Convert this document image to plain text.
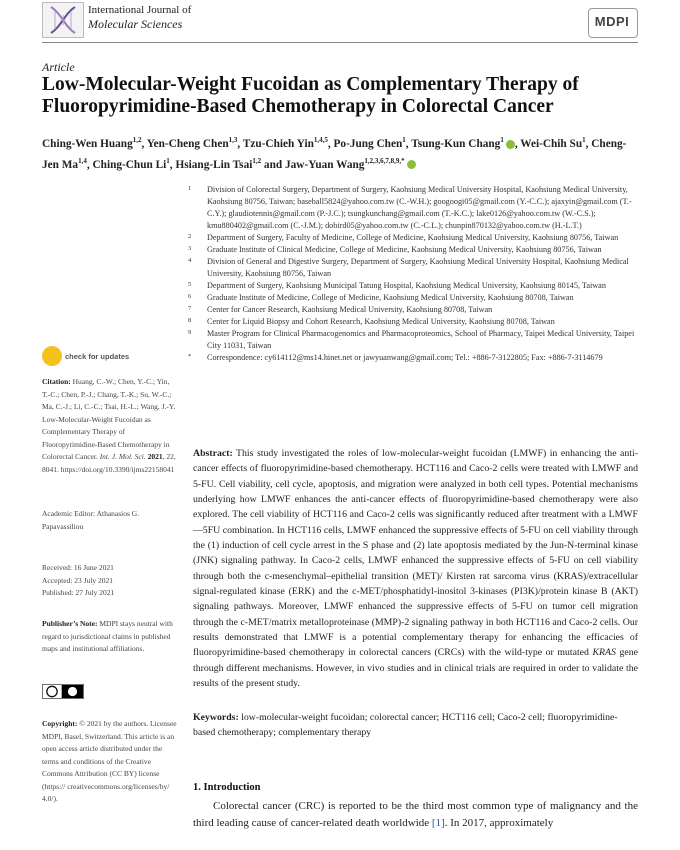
International Journal of
Molecular Sciences	MDPI
Article
Low-Molecular-Weight Fucoidan as Complementary Therapy of Fluoropyrimidine-Based Chemotherapy in Colorectal Cancer
Ching-Wen Huang$^{1,2}$, Yen-Cheng Chen$^{1,3}$, Tzu-Chieh Yin$^{1,4,5}$, Po-Jung Chen$^1$, Tsung-Kun Chang$^1$ , Wei-Chih Su$^1$, Cheng-Jen Ma$^{1,4}$, Ching-Chun Li$^1$, Hsiang-Lin Tsai$^{1,2}$ and Jaw-Yuan Wang$^{1,2,3,6,7,8,9,*}$
1 Division of Colorectal Surgery, Department of Surgery, Kaohsiung Medical University Hospital, Kaohsiung Medical University, Kaohsiung 80756, Taiwan; baseball5824@yahoo.com.tw (C.-W.H.); googoogi05@gmail.com (Y.-C.C.); ajaxyin@gmail.com (T.-C.Y.); glaudiotennis@gmail.com (P.-J.C.); tsungkunchang@gmail.com (T.-K.C.); lake0126@yahoo.com.tw (W.-C.S.); kmu880402@gmail.com (C.-J.M.); dobird05@yahoo.com.tw (C.-C.L.); chunpin870132@yahoo.com.tw (H.-L.T.)
2 Department of Surgery, Faculty of Medicine, College of Medicine, Kaohsiung Medical University, Kaohsiung 80756, Taiwan
3 Graduate Institute of Clinical Medicine, College of Medicine, Kaohsiung Medical University, Kaohsiung 80756, Taiwan
4 Division of General and Digestive Surgery, Department of Surgery, Kaohsiung Medical University Hospital, Kaohsiung Medical University, Kaohsiung 80756, Taiwan
5 Department of Surgery, Kaohsiung Municipal Tatung Hospital, Kaohsiung Medical University, Kaohsiung 80145, Taiwan
6 Graduate Institute of Medicine, College of Medicine, Kaohsiung Medical University, Kaohsiung 80708, Taiwan
7 Center for Cancer Research, Kaohsiung Medical University, Kaohsiung 80708, Taiwan
8 Center for Liquid Biopsy and Cohort Research, Kaohsiung Medical University, Kaohsiung 80708, Taiwan
9 Master Program for Clinical Pharmacogenomics and Pharmacoproteomics, School of Pharmacy, Taipei Medical University, Taipei City 11031, Taiwan
* Correspondence: cy614112@ms14.hinet.net or jawyuanwang@gmail.com; Tel.: +886-7-3122805; Fax: +886-7-3114679
check for updates
Citation: Huang, C.-W.; Chen, Y.-C.; Yin, T.-C.; Chen, P.-J.; Chang, T.-K.; Su, W.-C.; Ma, C.-J.; Li, C.-C.; Tsai, H.-L.; Wang, J.-Y. Low-Molecular-Weight Fucoidan as Complementary Therapy of Fluoropyrimidine-Based Chemotherapy in Colorectal Cancer. Int. J. Mol. Sci. 2021, 22, 8041. https://doi.org/10.3390/ijms22158041
Academic Editor: Athanasios G. Papavassiliou
Received: 16 June 2021
Accepted: 23 July 2021
Published: 27 July 2021
Publisher’s Note: MDPI stays neutral with regard to jurisdictional claims in published maps and institutional affiliations.
Copyright: © 2021 by the authors. Licensee MDPI, Basel, Switzerland. This article is an open access article distributed under the terms and conditions of the Creative Commons Attribution (CC BY) license (https:// creativecommons.org/licenses/by/ 4.0/).
Abstract: This study investigated the roles of low-molecular-weight fucoidan (LMWF) in enhancing the anti-cancer effects of fluoropyrimidine-based chemotherapy. HCT116 and Caco-2 cells were treated with LMWF and 5-FU. Cell viability, cell cycle, apoptosis, and migration were analyzed in both cell types. Potential mechanisms underlying how LMWF enhances the anti-cancer effects of fluoropyrimidine-based chemotherapy were also explored. The cell viability of HCT116 and Caco-2 cells was significantly reduced after treatment with a LMWF—5FU combination. In HCT116 cells, LMWF enhanced the suppressive effects of 5-FU on cell viability through the (1) induction of cell cycle arrest in the S phase and (2) late apoptosis mediated by the Jun-N-terminal kinase (JNK) signaling pathway. In Caco-2 cells, LMWF enhanced the suppressive effects of 5-FU on cell viability through both the c-mesenchymal–epithelial transition (MET)/ Kirsten rat sarcoma virus (KRAS)/extracellular signal-regulated kinase (ERK) and the c-MET/phosphatidyl-inositol 3-kinases (PI3K)/protein kinase B (AKT) signaling pathways. Moreover, LMWF enhanced the suppressive effects of 5-FU on tumor cell migration through the c-MET/matrix metalloproteinase (MMP)-2 signaling pathway in both HCT116 and Caco-2 cells. Our results demonstrated that LMWF is a potential complementary therapy for enhancing the efficacies of fluoropyrimidine-based chemotherapy in colorectal cancers (CRCs) with the wild-type or mutated KRAS gene through different mechanisms. However, in vivo studies and in clinical trials are required in order to validate the results of the present study.
Keywords: low-molecular-weight fucoidan; colorectal cancer; HCT116 cell; Caco-2 cell; fluoropyrimidine-based chemotherapy; complementary therapy
1. Introduction
Colorectal cancer (CRC) is reported to be the third most common type of malignancy and the third leading cause of cancer-related death worldwide [1]. In 2017, approximately
